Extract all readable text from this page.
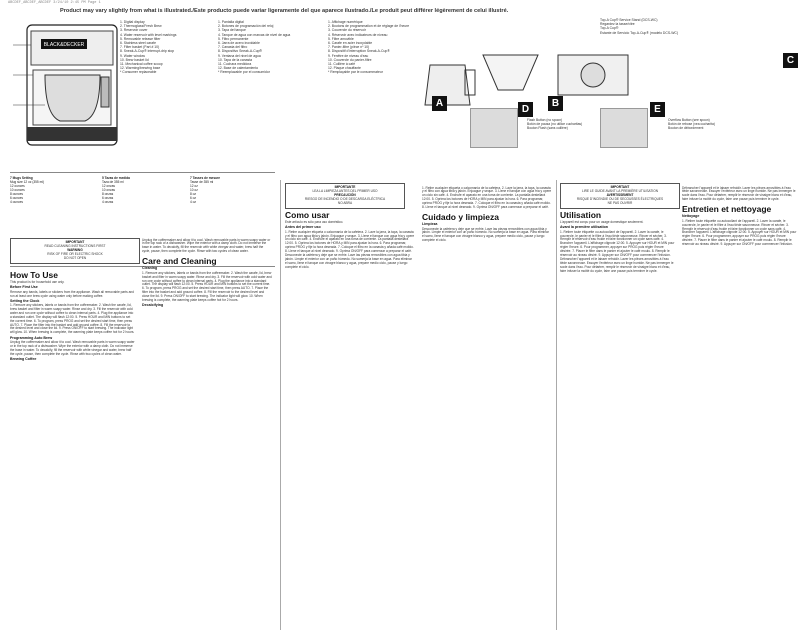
ABCDEF_ABCDEF_ABCDEF 3/24/10 2:45 PM Page 1
Product may vary slightly from what is illustrated./Este producto puede variar ligeramente del que aparece ilustrado./Le produit peut différer légèrement de celui illustré.
1. Digital display
2. Thermoglass/Fresh Brew
3. Reservoir cover
4. Water reservoir with level markings
5. Removable release filter
6. Stainless steel carafe
7. Filter basket (Part # 10)
8. Sneak-A-Cup® interrupt-drip stop
9. Water window
10. Brew basket lid
11. Mechanical coffee scoop
12. Warming/brewing base
* Consumer replaceable
1. Pantalla digital
2. Botones de programación del reloj
3. Tapa del tanque
4. Tanque de agua con marcas de nivel de agua
5. Filtro permanente
6. Jarra de acero inoxidable
7. Canasta del filtro
8. Dispositivo Sneak-A-Cup®
9. Ventana del nivel de agua
10. Tapa de la canasta
11. Cuchara medidora
12. Base de calentamiento
* Reemplazable por el consumidor
1. Affichage numérique
2. Boutons de programmation et de réglage de l'heure
3. Couvercle du réservoir
4. Réservoir avec indicateurs de niveau
5. Filtre amovible
6. Carafe en acier inoxydable
7. Panier-filtre (pièce nº 10)
8. Dispositif d'interruption Sneak-A-Cup®
9. Fenêtre de niveau d'eau
10. Couvercle du panier-filtre
11. Cuillère à café
12. Plaque chauffante
* Remplaçable par le consommateur
BLACK&DECKER
Top-A Cup® Service Stand (DCS-WC)
Regardez la tasse/vitre
Top-A Cup®
Estante de Servicio Top-A-Cup® (modelo DCS-WC)
A	B
C
D
Flash Button (no spoon)
Botón de pausa (no utilice cucharitas)
Bouton Flash (sans cuillère)
E
Overflow Button (see spoon)
Botón de rebose (vea cucharita)
Bouton de débordement
7 Mugs Setting
Mug size 12 oz (355 ml)
12 ounces
10 ounces
8 ounces
6 ounces
4 ounces
5 Tazas de medida
Taza de 355 ml
12 onzas
10 onzas
8 onzas
6 onzas
4 onzas
7 Tasses de mesure
Tasse de 355 ml
12 oz
10 oz
8 oz
6 oz
4 oz
IMPORTANT
READ CLEANING INSTRUCTIONS FIRST
WARNING
RISK OF FIRE OR ELECTRIC SHOCK
DO NOT OPEN
IMPORTANTE
LEA LA LIMPIEZA ANTES DEL PRIMER USO
PRECAUCIÓN
RIESGO DE INCENDIO O DE DESCARGA ELÉCTRICA
NO ABRA
IMPORTANT
LIRE LE GUIDE AVANT LA PREMIÈRE UTILISATION
AVERTISSEMENT
RISQUE D'INCENDIE OU DE SECOUSSES ÉLECTRIQUES
NE PAS OUVRIR
How To Use

This product is for household use only.

Before First Use

Remove any bands, labels or stickers from the appliance. Wash all removable parts and run at least one brew cycle using water only before making coffee.

Setting the Clock

1. Remove any stickers, labels or bands from the coffeemaker. 2. Wash the carafe, lid, brew basket and filter in warm soapy water. Rinse and dry. 3. Fill the reservoir with cold water and run one cycle without coffee to clean internal parts. 4. Plug the appliance into a standard outlet. The display will flash 12:00. 5. Press HOUR and MIN buttons to set the current time. 6. To program, press PROG and set the desired start time, then press AUTO. 7. Place the filter into the basket and add ground coffee. 8. Fill the reservoir to the desired level and close the lid. 9. Press ON/OFF to start brewing. The indicator light will glow. 10. When brewing is complete, the warming plate keeps coffee hot for 2 hours.

Programming Auto Brew

Unplug the coffeemaker and allow it to cool. Wash removable parts in warm soapy water or in the top rack of a dishwasher. Wipe the exterior with a damp cloth. Do not immerse the base in water. To decalcify, fill the reservoir with white vinegar and water, brew half the cycle, pause, then complete the cycle. Rinse with two cycles of clean water.

Brewing Coffee

Unplug the coffeemaker and allow it to cool. Wash removable parts in warm soapy water or in the top rack of a dishwasher. Wipe the exterior with a damp cloth. Do not immerse the base in water. To decalcify, fill the reservoir with white vinegar and water, brew half the cycle, pause, then complete the cycle. Rinse with two cycles of clean water.

Care and Cleaning
Cleaning

1. Remove any stickers, labels or bands from the coffeemaker. 2. Wash the carafe, lid, brew basket and filter in warm soapy water. Rinse and dry. 3. Fill the reservoir with cold water and run one cycle without coffee to clean internal parts. 4. Plug the appliance into a standard outlet. The display will flash 12:00. 5. Press HOUR and MIN buttons to set the current time. 6. To program, press PROG and set the desired start time, then press AUTO. 7. Place the filter into the basket and add ground coffee. 8. Fill the reservoir to the desired level and close the lid. 9. Press ON/OFF to start brewing. The indicator light will glow. 10. When brewing is complete, the warming plate keeps coffee hot for 2 hours.

Decalcifying
Como usar

Este artículo es sólo para uso doméstico.

Antes del primer uso

1. Retire cualquier etiqueta o calcomanía de la cafetera. 2. Lave la jarra, la tapa, la canasta y el filtro con agua tibia y jabón. Enjuague y seque. 3. Llene el tanque con agua fría y opere un ciclo sin café. 4. Enchufe el aparato en una toma de corriente. La pantalla destellará 12:00. 5. Oprima los botones de HORA y MIN para ajustar la hora. 6. Para programar, oprima PROG y fije la hora deseada. 7. Coloque el filtro en la canasta y añada café molido. 8. Llene el tanque al nivel deseado. 9. Oprima ON/OFF para comenzar a preparar el café.

Desconecte la cafetera y deje que se enfríe. Lave las piezas removibles con agua tibia y jabón. Limpie el exterior con un paño húmedo. No sumerja la base en agua. Para eliminar el sarro, llene el tanque con vinagre blanco y agua, prepare medio ciclo, pause y luego complete el ciclo.

1. Retire cualquier etiqueta o calcomanía de la cafetera. 2. Lave la jarra, la tapa, la canasta y el filtro con agua tibia y jabón. Enjuague y seque. 3. Llene el tanque con agua fría y opere un ciclo sin café. 4. Enchufe el aparato en una toma de corriente. La pantalla destellará 12:00. 5. Oprima los botones de HORA y MIN para ajustar la hora. 6. Para programar, oprima PROG y fije la hora deseada. 7. Coloque el filtro en la canasta y añada café molido. 8. Llene el tanque al nivel deseado. 9. Oprima ON/OFF para comenzar a preparar el café.

Cuidado y limpieza
Limpieza

Desconecte la cafetera y deje que se enfríe. Lave las piezas removibles con agua tibia y jabón. Limpie el exterior con un paño húmedo. No sumerja la base en agua. Para eliminar el sarro, llene el tanque con vinagre blanco y agua, prepare medio ciclo, pause y luego complete el ciclo.

Utilisation

L'appareil est conçu pour un usage domestique seulement.

Avant la première utilisation

1. Retirer toute étiquette ou autocollant de l'appareil. 2. Laver la carafe, le couvercle, le panier et le filtre à l'eau tiède savonneuse. Rincer et sécher. 3. Remplir le réservoir d'eau froide et faire fonctionner un cycle sans café. 4. Brancher l'appareil. L'affichage clignote 12:00. 5. Appuyer sur HOUR et MIN pour régler l'heure. 6. Pour programmer, appuyer sur PROG puis régler l'heure désirée. 7. Placer le filtre dans le panier et ajouter le café moulu. 8. Remplir le réservoir au niveau désiré. 9. Appuyer sur ON/OFF pour commencer l'infusion.

Débrancher l'appareil et le laisser refroidir. Laver les pièces amovibles à l'eau tiède savonneuse. Essuyer l'extérieur avec un linge humide. Ne pas immerger le socle dans l'eau. Pour détartrer, remplir le réservoir de vinaigre blanc et d'eau, faire infuser la moitié du cycle, faire une pause puis terminer le cycle.

Débrancher l'appareil et le laisser refroidir. Laver les pièces amovibles à l'eau tiède savonneuse. Essuyer l'extérieur avec un linge humide. Ne pas immerger le socle dans l'eau. Pour détartrer, remplir le réservoir de vinaigre blanc et d'eau, faire infuser la moitié du cycle, faire une pause puis terminer le cycle.

Entretien et nettoyage
Nettoyage

1. Retirer toute étiquette ou autocollant de l'appareil. 2. Laver la carafe, le couvercle, le panier et le filtre à l'eau tiède savonneuse. Rincer et sécher. 3. Remplir le réservoir d'eau froide et faire fonctionner un cycle sans café. 4. Brancher l'appareil. L'affichage clignote 12:00. 5. Appuyer sur HOUR et MIN pour régler l'heure. 6. Pour programmer, appuyer sur PROG puis régler l'heure désirée. 7. Placer le filtre dans le panier et ajouter le café moulu. 8. Remplir le réservoir au niveau désiré. 9. Appuyer sur ON/OFF pour commencer l'infusion.
